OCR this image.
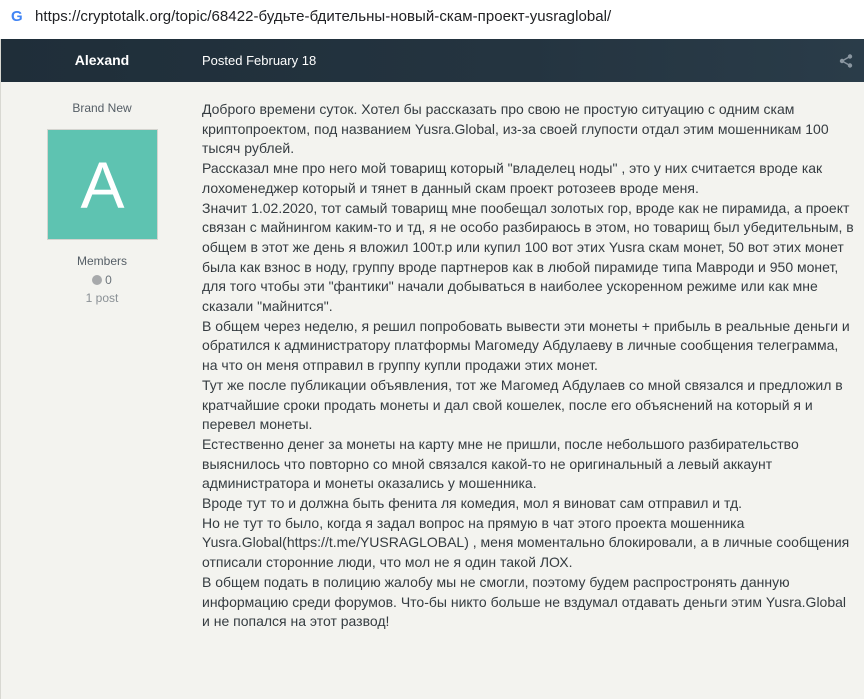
G https://cryptotalk.org/topic/68422-будьте-бдительны-новый-скам-проект-yusraglobal/
Alexand	Posted February 18
Brand New
A
Members
0
1 post

Доброго времени суток. Хотел бы рассказать про свою не простую ситуацию с одним скам криптопроектом, под названием Yusra.Global, из-за своей глупости отдал этим мошенникам 100 тысяч рублей.

Рассказал мне про него мой товарищ который "владелец ноды" , это у них считается вроде как лохоменеджер который и тянет в данный скам проект ротозеев вроде меня.

Значит 1.02.2020, тот самый товарищ мне пообещал золотых гор, вроде как не пирамида, а проект связан с майнингом каким-то и тд, я не особо разбираюсь в этом, но товарищ был убедительным, в общем в этот же день я вложил 100т.р или купил 100 вот этих Yusra скам монет, 50 вот этих монет была как взнос в ноду, группу вроде партнеров как в любой пирамиде типа Мавроди и 950 монет, для того чтобы эти "фантики" начали добываться в наиболее ускоренном режиме или как мне сказали "майнится".

В общем через неделю, я решил попробовать вывести эти монеты + прибыль в реальные деньги и обратился к администратору платформы Магомеду Абдулаеву в личные сообщения телеграмма, на что он меня отправил в группу купли продажи этих монет.

Тут же после публикации объявления, тот же Магомед Абдулаев со мной связался и предложил в кратчайшие сроки продать монеты и дал свой кошелек, после его объяснений на который я и перевел монеты.

Естественно денег за монеты на карту мне не пришли, после небольшого разбирательство выяснилось что повторно со мной связался какой-то не оригинальный а левый аккаунт администратора и монеты оказались у мошенника.

Вроде тут то и должна быть фенита ля комедия, мол я виноват сам отправил и тд.

Но не тут то было, когда я задал вопрос на прямую в чат этого проекта мошенника Yusra.Global(https://t.me/YUSRAGLOBAL) , меня моментально блокировали, а в личные сообщения отписали сторонние люди, что мол не я один такой ЛОХ.

В общем подать в полицию жалобу мы не смогли, поэтому будем распростронять данную информацию среди форумов. Что-бы никто больше не вздумал отдавать деньги этим Yusra.Global и не попался на этот развод!
